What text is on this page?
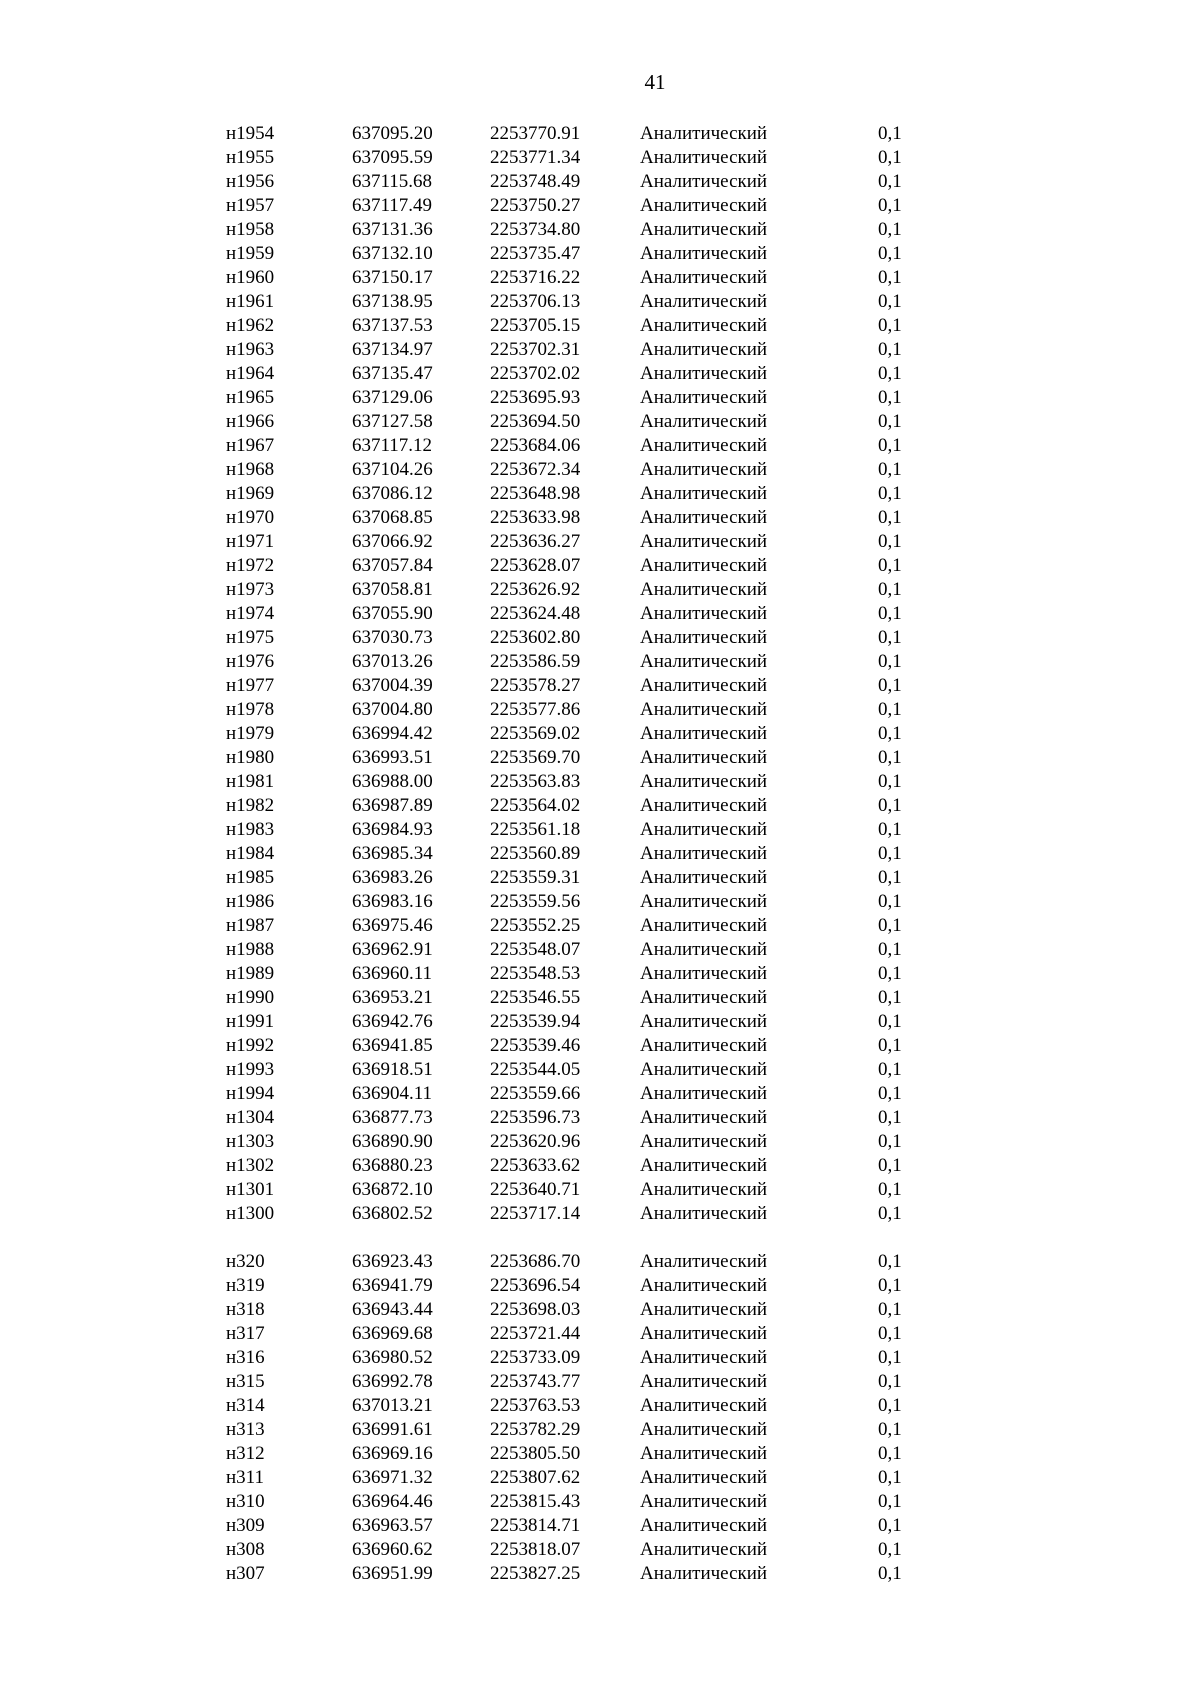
41
н1954	637095.20	2253770.91	Аналитический	0,1
н1955	637095.59	2253771.34	Аналитический	0,1
н1956	637115.68	2253748.49	Аналитический	0,1
н1957	637117.49	2253750.27	Аналитический	0,1
н1958	637131.36	2253734.80	Аналитический	0,1
н1959	637132.10	2253735.47	Аналитический	0,1
н1960	637150.17	2253716.22	Аналитический	0,1
н1961	637138.95	2253706.13	Аналитический	0,1
н1962	637137.53	2253705.15	Аналитический	0,1
н1963	637134.97	2253702.31	Аналитический	0,1
н1964	637135.47	2253702.02	Аналитический	0,1
н1965	637129.06	2253695.93	Аналитический	0,1
н1966	637127.58	2253694.50	Аналитический	0,1
н1967	637117.12	2253684.06	Аналитический	0,1
н1968	637104.26	2253672.34	Аналитический	0,1
н1969	637086.12	2253648.98	Аналитический	0,1
н1970	637068.85	2253633.98	Аналитический	0,1
н1971	637066.92	2253636.27	Аналитический	0,1
н1972	637057.84	2253628.07	Аналитический	0,1
н1973	637058.81	2253626.92	Аналитический	0,1
н1974	637055.90	2253624.48	Аналитический	0,1
н1975	637030.73	2253602.80	Аналитический	0,1
н1976	637013.26	2253586.59	Аналитический	0,1
н1977	637004.39	2253578.27	Аналитический	0,1
н1978	637004.80	2253577.86	Аналитический	0,1
н1979	636994.42	2253569.02	Аналитический	0,1
н1980	636993.51	2253569.70	Аналитический	0,1
н1981	636988.00	2253563.83	Аналитический	0,1
н1982	636987.89	2253564.02	Аналитический	0,1
н1983	636984.93	2253561.18	Аналитический	0,1
н1984	636985.34	2253560.89	Аналитический	0,1
н1985	636983.26	2253559.31	Аналитический	0,1
н1986	636983.16	2253559.56	Аналитический	0,1
н1987	636975.46	2253552.25	Аналитический	0,1
н1988	636962.91	2253548.07	Аналитический	0,1
н1989	636960.11	2253548.53	Аналитический	0,1
н1990	636953.21	2253546.55	Аналитический	0,1
н1991	636942.76	2253539.94	Аналитический	0,1
н1992	636941.85	2253539.46	Аналитический	0,1
н1993	636918.51	2253544.05	Аналитический	0,1
н1994	636904.11	2253559.66	Аналитический	0,1
н1304	636877.73	2253596.73	Аналитический	0,1
н1303	636890.90	2253620.96	Аналитический	0,1
н1302	636880.23	2253633.62	Аналитический	0,1
н1301	636872.10	2253640.71	Аналитический	0,1
н1300	636802.52	2253717.14	Аналитический	0,1
н320	636923.43	2253686.70	Аналитический	0,1
н319	636941.79	2253696.54	Аналитический	0,1
н318	636943.44	2253698.03	Аналитический	0,1
н317	636969.68	2253721.44	Аналитический	0,1
н316	636980.52	2253733.09	Аналитический	0,1
н315	636992.78	2253743.77	Аналитический	0,1
н314	637013.21	2253763.53	Аналитический	0,1
н313	636991.61	2253782.29	Аналитический	0,1
н312	636969.16	2253805.50	Аналитический	0,1
н311	636971.32	2253807.62	Аналитический	0,1
н310	636964.46	2253815.43	Аналитический	0,1
н309	636963.57	2253814.71	Аналитический	0,1
н308	636960.62	2253818.07	Аналитический	0,1
н307	636951.99	2253827.25	Аналитический	0,1
